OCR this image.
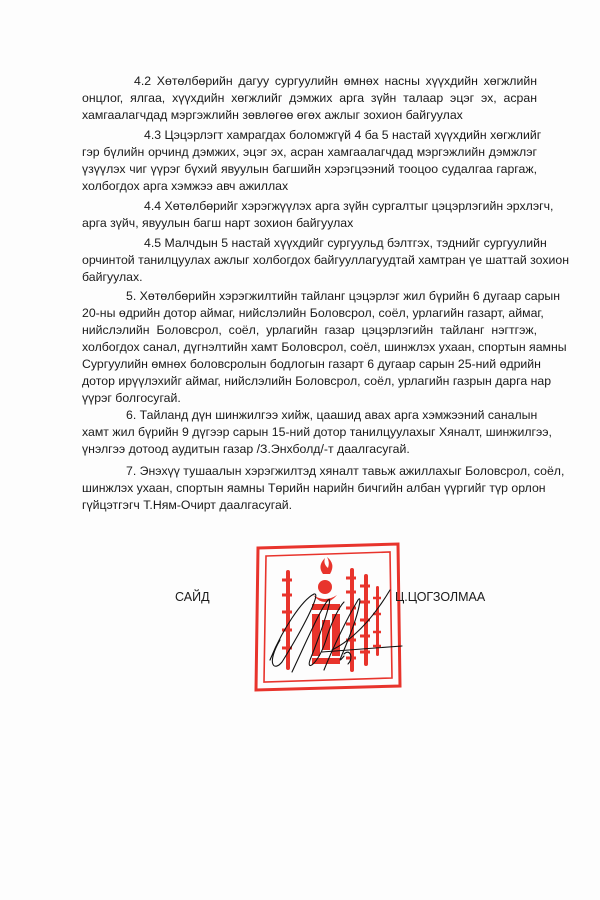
4.2 Хөтөлбөрийн дагуу сургуулийн өмнөх насны хүүхдийн хөгжлийн
онцлог, ялгаа, хүүхдийн хөгжлийг дэмжих арга зүйн талаар эцэг эх, асран
хамгаалагчдад мэргэжлийн зөвлөгөө өгөх ажлыг зохион байгуулах

4.3 Цэцэрлэгт хамрагдах боломжгүй 4 ба 5 настай хүүхдийн хөгжлийг
гэр бүлийн орчинд дэмжих, эцэг эх, асран хамгаалагчдад мэргэжлийн дэмжлэг
үзүүлэх чиг үүрэг бүхий явуулын багшийн хэрэгцээний тооцоо судалгаа гаргаж,
холбогдох арга хэмжээ авч ажиллах

4.4 Хөтөлбөрийг хэрэгжүүлэх арга зүйн сургалтыг цэцэрлэгийн эрхлэгч,
арга зүйч, явуулын багш нарт зохион байгуулах

4.5 Малчдын 5 настай хүүхдийг сургуульд бэлтгэх, тэднийг сургуулийн
орчинтой танилцуулах ажлыг холбогдох байгууллагуудтай хамтран үе шаттай зохион
байгуулах.

5. Хөтөлбөрийн хэрэгжилтийн тайланг цэцэрлэг жил бүрийн 6 дугаар сарын
20-ны өдрийн дотор аймаг, нийслэлийн Боловсрол, соёл, урлагийн газарт, аймаг,
нийслэлийн Боловсрол, соёл, урлагийн газар цэцэрлэгийн тайланг нэгтгэж,
холбогдох санал, дүгнэлтийн хамт Боловсрол, соёл, шинжлэх ухаан, спортын яамны
Сургуулийн өмнөх боловсролын бодлогын газарт 6 дугаар сарын 25-ний өдрийн
дотор ирүүлэхийг аймаг, нийслэлийн Боловсрол, соёл, урлагийн газрын дарга нар
үүрэг болгосугай.

6. Тайланд дүн шинжилгээ хийж, цаашид авах арга хэмжээний саналын
хамт жил бүрийн 9 дүгээр сарын 15-ний дотор танилцуулахыг Хяналт, шинжилгээ,
үнэлгээ дотоод аудитын газар /З.Энхболд/-т даалгасугай.

7. Энэхүү тушаалын хэрэгжилтэд хяналт тавьж ажиллахыг Боловсрол, соёл,
шинжлэх ухаан, спортын яамны Төрийн нарийн бичгийн албан үүргийг түр орлон
гүйцэтгэгч Т.Ням-Очирт даалгасугай.

САЙД	Ц.ЦОГЗОЛМАА
